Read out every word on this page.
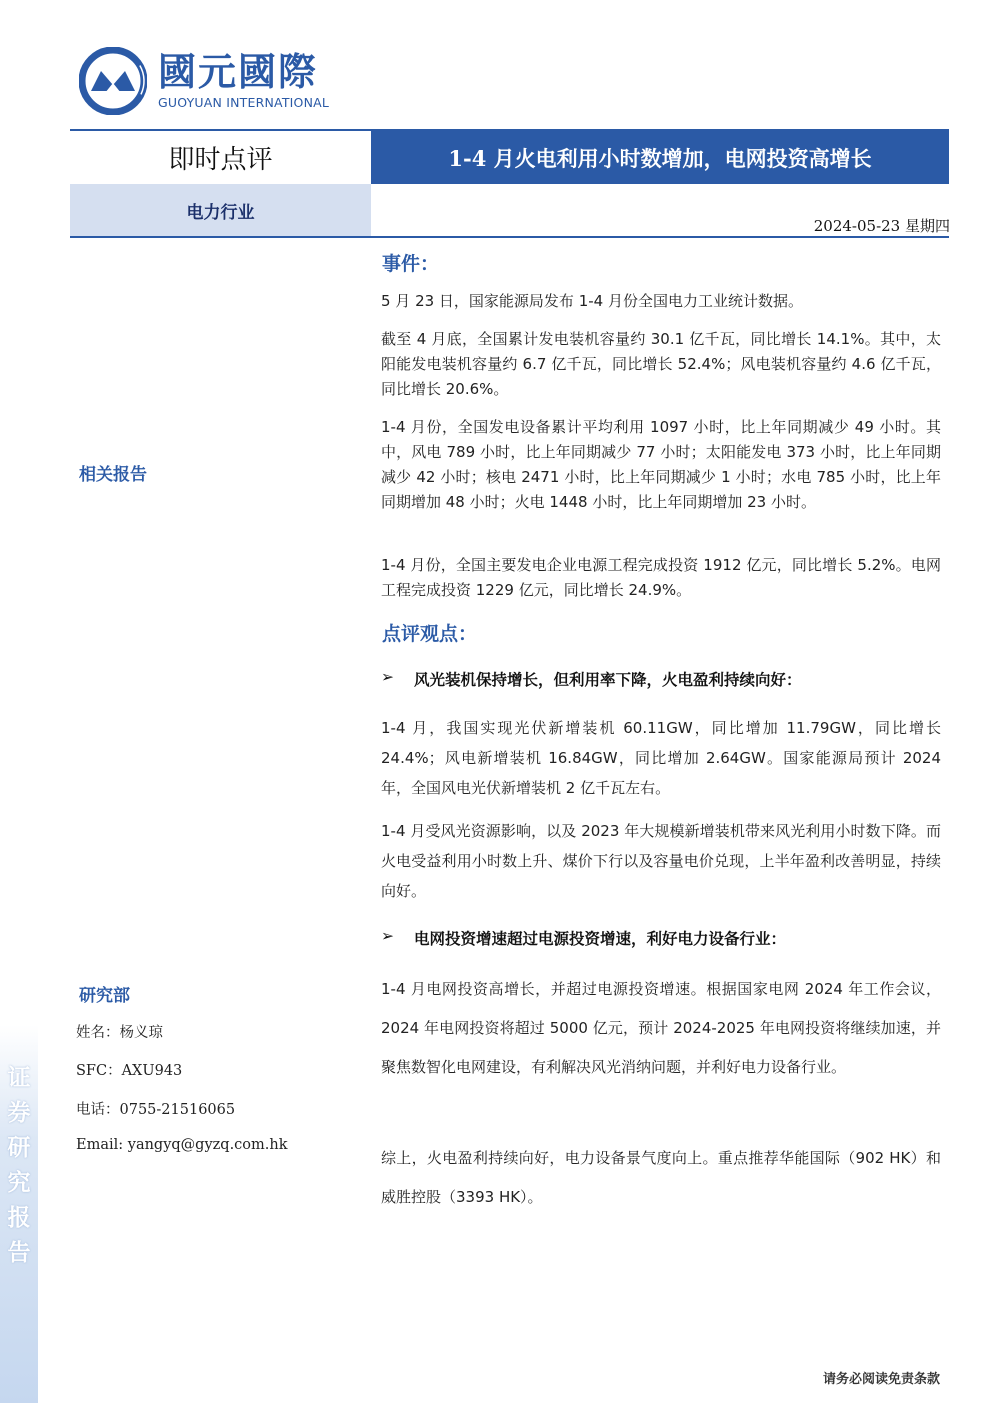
证券研究报告
國元國際
GUOYUAN INTERNATIONAL
即时点评	1-4 月火电利用小时数增加，电网投资高增长
电力行业
2024-05-23 星期四
相关报告
研究部
姓名：杨义琼
SFC：AXU943
电话：0755-21516065
Email: yangyq@gyzq.com.hk
事件：

5 月 23 日，国家能源局发布 1-4 月份全国电力工业统计数据。

截至 4 月底，全国累计发电装机容量约 30.1 亿千瓦，同比增长 14.1%。其中，太阳能发电装机容量约 6.7 亿千瓦，同比增长 52.4%；风电装机容量约 4.6 亿千瓦，同比增长 20.6%。

1-4 月份，全国发电设备累计平均利用 1097 小时，比上年同期减少 49 小时。其中，风电 789 小时，比上年同期减少 77 小时；太阳能发电 373 小时，比上年同期减少 42 小时；核电 2471 小时，比上年同期减少 1 小时；水电 785 小时，比上年同期增加 48 小时；火电 1448 小时，比上年同期增加 23 小时。

1-4 月份，全国主要发电企业电源工程完成投资 1912 亿元，同比增长 5.2%。电网工程完成投资 1229 亿元，同比增长 24.9%。

点评观点：
➢ 风光装机保持增长，但利用率下降，火电盈利持续向好：

1-4 月，我国实现光伏新增装机 60.11GW，同比增加 11.79GW，同比增长 24.4%；风电新增装机 16.84GW，同比增加 2.64GW。国家能源局预计 2024 年，全国风电光伏新增装机 2 亿千瓦左右。

1-4 月受风光资源影响，以及 2023 年大规模新增装机带来风光利用小时数下降。而火电受益利用小时数上升、煤价下行以及容量电价兑现，上半年盈利改善明显，持续向好。

➢ 电网投资增速超过电源投资增速，利好电力设备行业：

1-4 月电网投资高增长，并超过电源投资增速。根据国家电网 2024 年工作会议，2024 年电网投资将超过 5000 亿元，预计 2024-2025 年电网投资将继续加速，并聚焦数智化电网建设，有利解决风光消纳问题，并利好电力设备行业。

综上，火电盈利持续向好，电力设备景气度向上。重点推荐华能国际（902 HK）和威胜控股（3393 HK）。

请务必阅读免责条款
